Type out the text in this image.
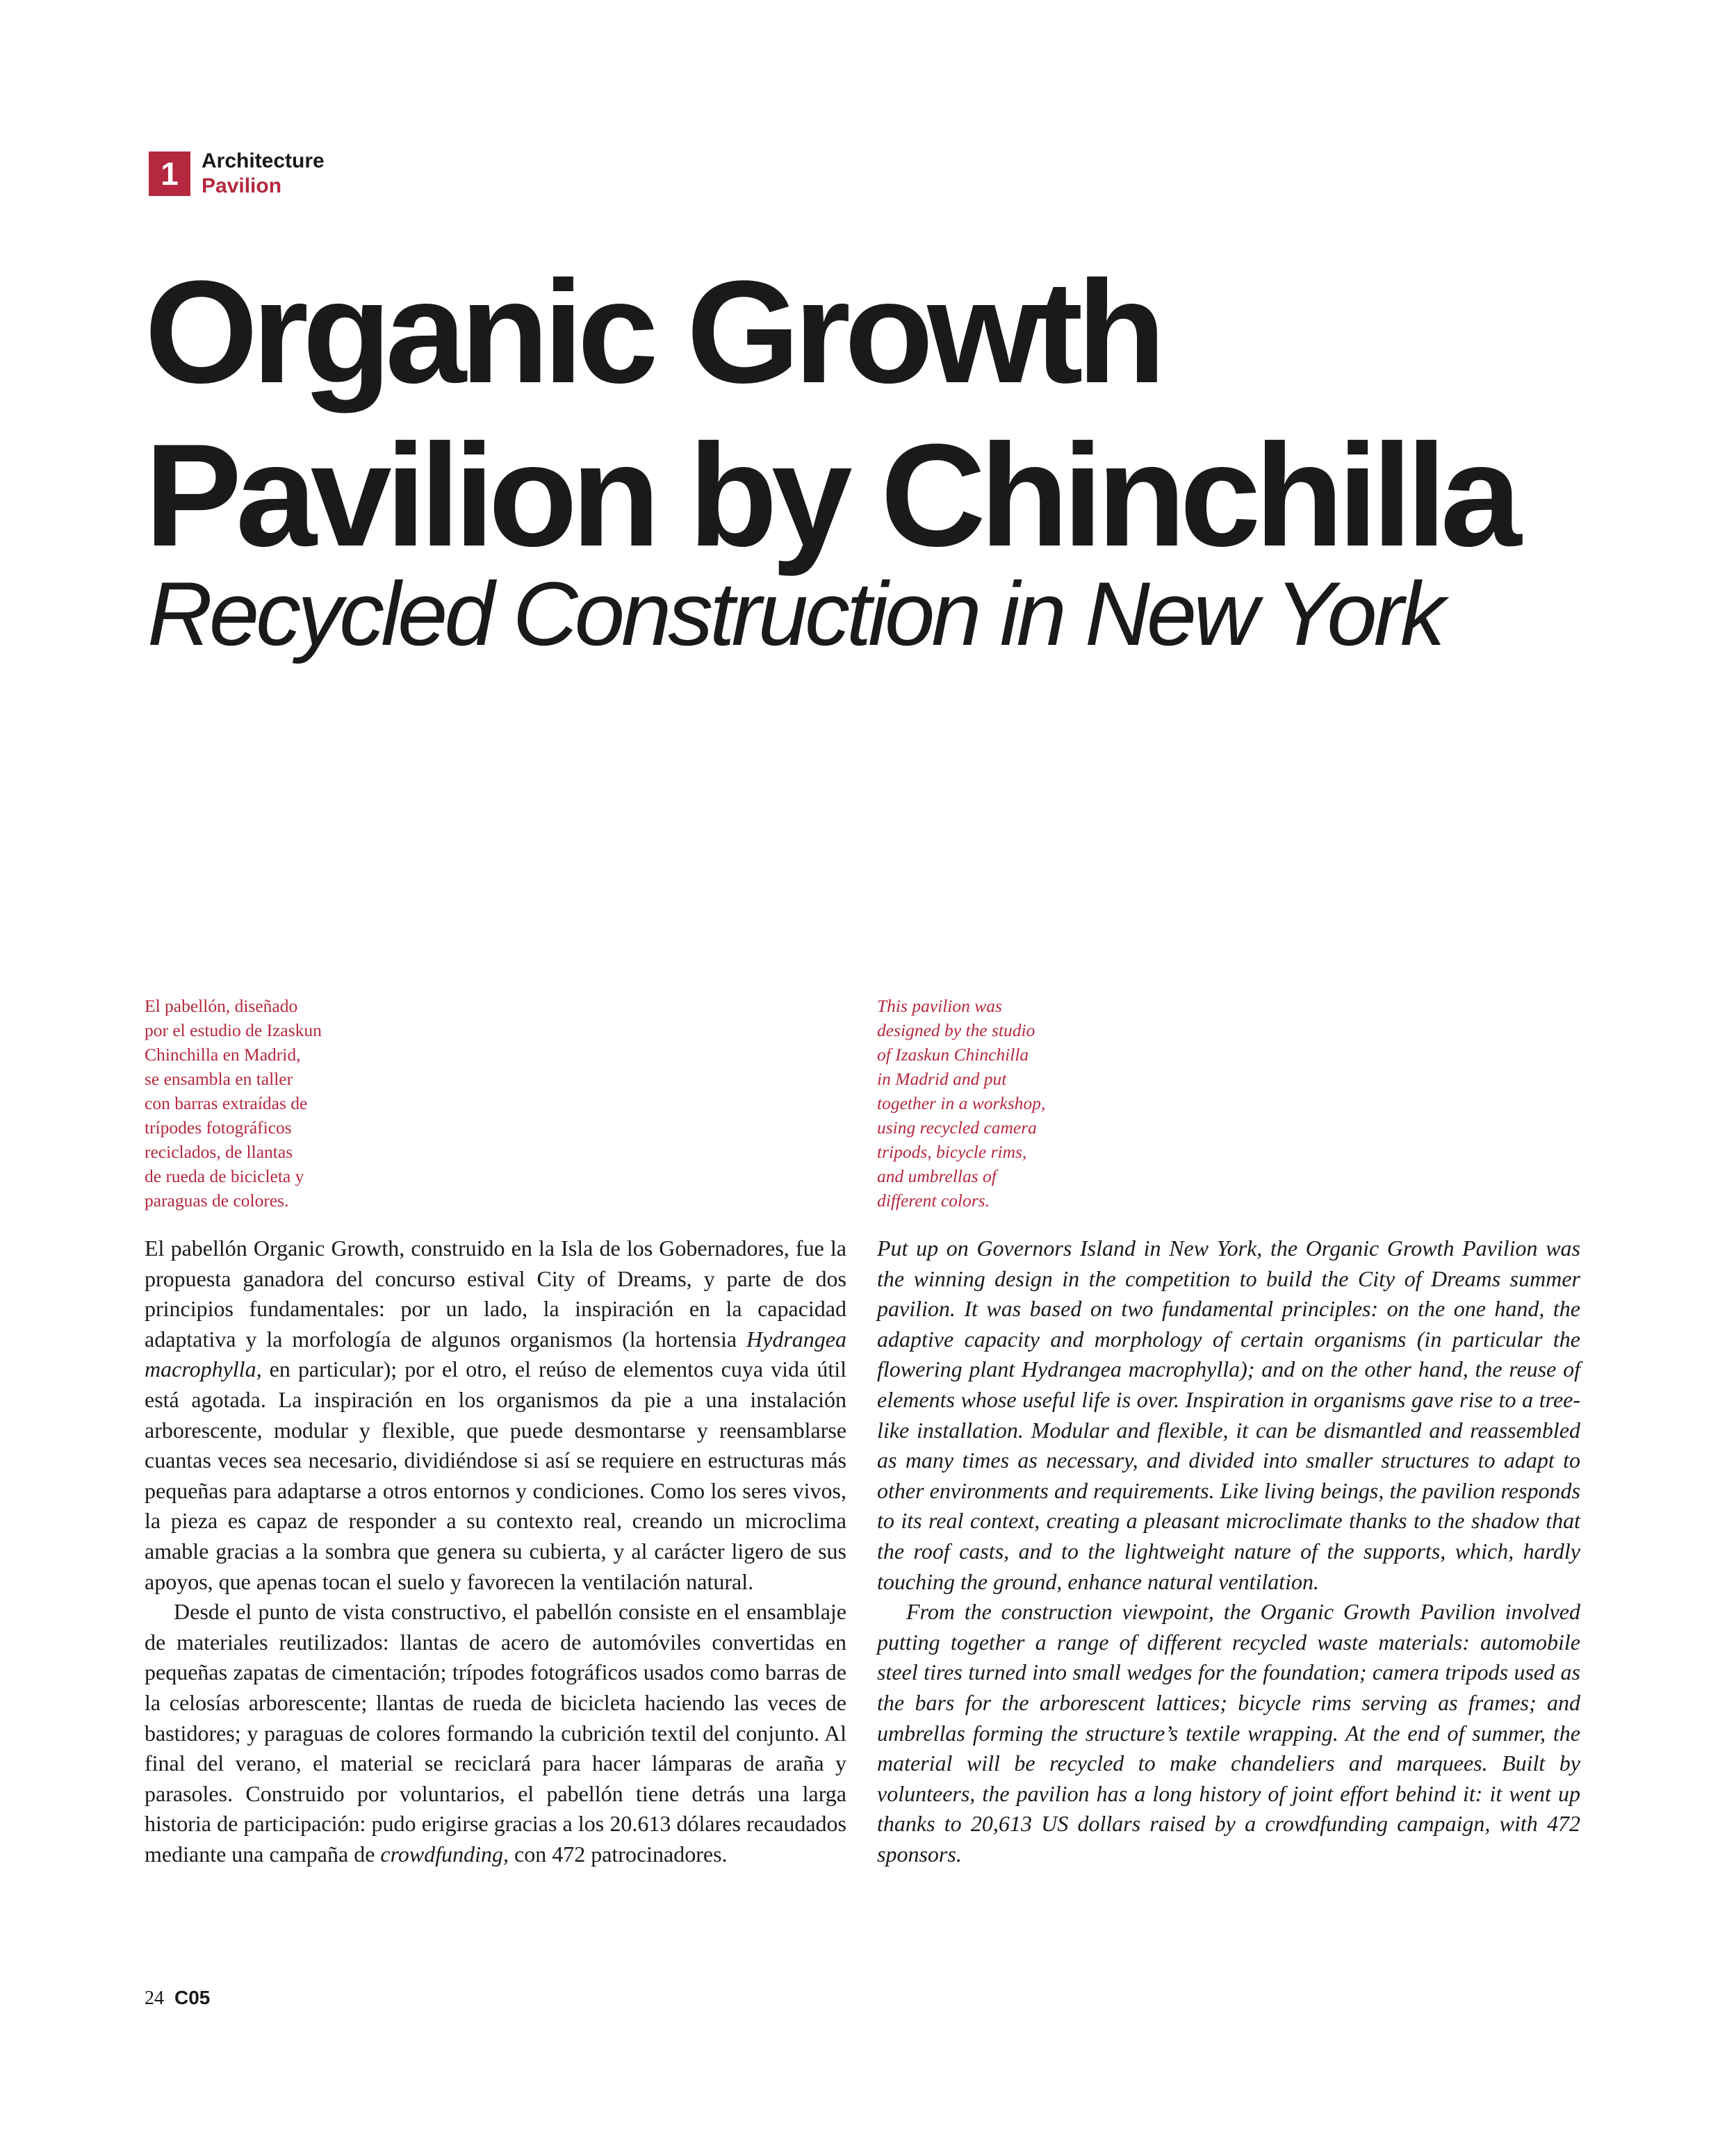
1	Architecture
Pavilion
Organic Growth
Pavilion by Chinchilla
Recycled Construction in New York
El pabellón, diseñado
por el estudio de Izaskun
Chinchilla en Madrid,
se ensambla en taller
con barras extraídas de
trípodes fotográficos
reciclados, de llantas
de rueda de bicicleta y
paraguas de colores.
This pavilion was
designed by the studio
of Izaskun Chinchilla
in Madrid and put
together in a workshop,
using recycled camera
tripods, bicycle rims,
and umbrellas of
different colors.

El pabellón Organic Growth, construido en la Isla de los Gobernadores, fue la propuesta ganadora del concurso estival City of Dreams, y parte de dos principios fundamentales: por un lado, la inspiración en la capacidad adaptativa y la morfología de algunos organismos (la hortensia Hydrangea macrophylla, en particular); por el otro, el reúso de elementos cuya vida útil está agotada. La inspiración en los organismos da pie a una instalación arborescente, modular y flexible, que puede desmontarse y reensamblarse cuantas veces sea necesario, dividiéndose si así se requiere en estructuras más pequeñas para adaptarse a otros entornos y condiciones. Como los seres vivos, la pieza es capaz de responder a su contexto real, creando un microclima amable gracias a la sombra que genera su cubierta, y al carácter ligero de sus apoyos, que apenas tocan el suelo y favorecen la ventilación natural.

Desde el punto de vista constructivo, el pabellón consiste en el ensamblaje de materiales reutilizados: llantas de acero de automóviles convertidas en pequeñas zapatas de cimentación; trípodes fotográficos usados como barras de la celosías arborescente; llantas de rueda de bicicleta haciendo las veces de bastidores; y paraguas de colores formando la cubrición textil del conjunto. Al final del verano, el material se reciclará para hacer lámparas de araña y parasoles. Construido por voluntarios, el pabellón tiene detrás una larga historia de participación: pudo erigirse gracias a los 20.613 dólares recaudados mediante una campaña de crowdfunding, con 472 patrocinadores.

Put up on Governors Island in New York, the Organic Growth Pavilion was the winning design in the competition to build the City of Dreams summer pavilion. It was based on two fundamental principles: on the one hand, the adaptive capacity and morphology of certain organisms (in particular the flowering plant Hydrangea macrophylla); and on the other hand, the reuse of elements whose useful life is over. Inspiration in organisms gave rise to a tree-like installation. Modular and flexible, it can be dismantled and reassembled as many times as necessary, and divided into smaller structures to adapt to other environments and requirements. Like living beings, the pavilion responds to its real context, creating a pleasant microclimate thanks to the shadow that the roof casts, and to the lightweight nature of the supports, which, hardly touching the ground, enhance natural ventilation.

From the construction viewpoint, the Organic Growth Pavilion involved putting together a range of different recycled waste materials: automobile steel tires turned into small wedges for the foundation; camera tripods used as the bars for the arborescent lattices; bicycle rims serving as frames; and umbrellas forming the structure’s textile wrapping. At the end of summer, the material will be recycled to make chandeliers and marquees. Built by volunteers, the pavilion has a long history of joint effort behind it: it went up thanks to 20,613 US dollars raised by a crowdfunding campaign, with 472 sponsors.

24 C05
